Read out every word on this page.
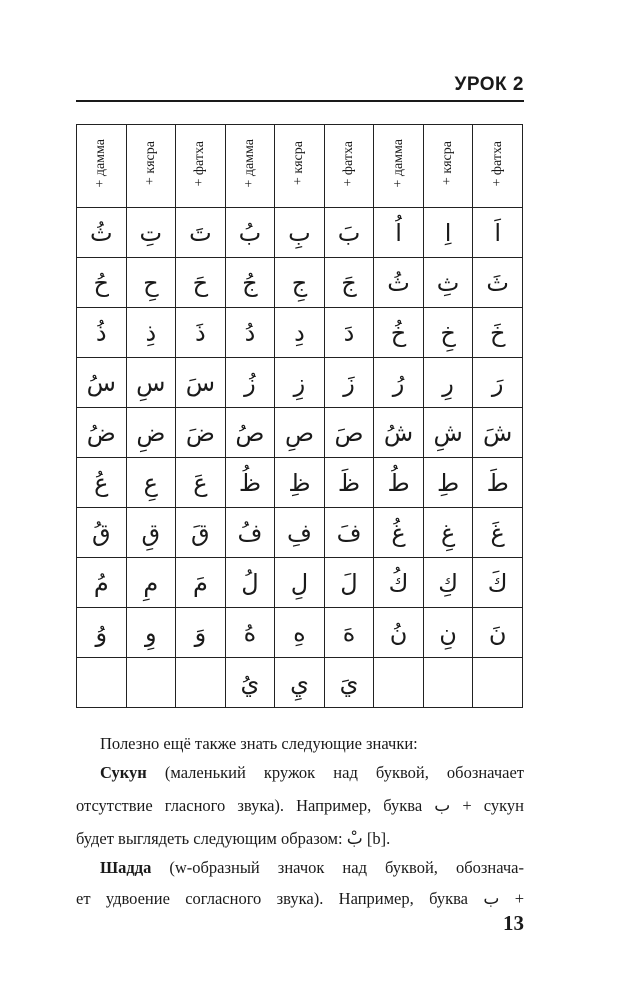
УРОК 2
+ дамма	+ кясра	+ фатха	+ дамма	+ кясра	+ фатха	+ дамма	+ кясра	+ фатха
ثُ	تِ	تَ	بُ	بِ	بَ	اُ	اِ	اَ
حُ	حِ	حَ	جُ	جِ	جَ	ثُ	ثِ	ثَ
ذُ	ذِ	ذَ	دُ	دِ	دَ	خُ	خِ	خَ
سُ	سِ	سَ	زُ	زِ	زَ	رُ	رِ	رَ
ضُ	ضِ	ضَ	صُ	صِ	صَ	شُ	شِ	شَ
عُ	عِ	عَ	ظُ	ظِ	ظَ	طُ	طِ	طَ
قُ	قِ	قَ	فُ	فِ	فَ	غُ	غِ	غَ
مُ	مِ	مَ	لُ	لِ	لَ	كُ	كِ	كَ
وُ	وِ	وَ	هُ	هِ	هَ	نُ	نِ	نَ
			يُ	يِ	يَ			
Полезно ещё также знать следующие значки:
Сукун (маленький кружок над буквой, обозначает
отсутствие гласного звука). Например, буква ب + сукун
будет выглядеть следующим образом: بْ [b].
Шадда (w-образный значок над буквой, обознача-
ет удвоение согласного звука). Например, буква ب +
13
